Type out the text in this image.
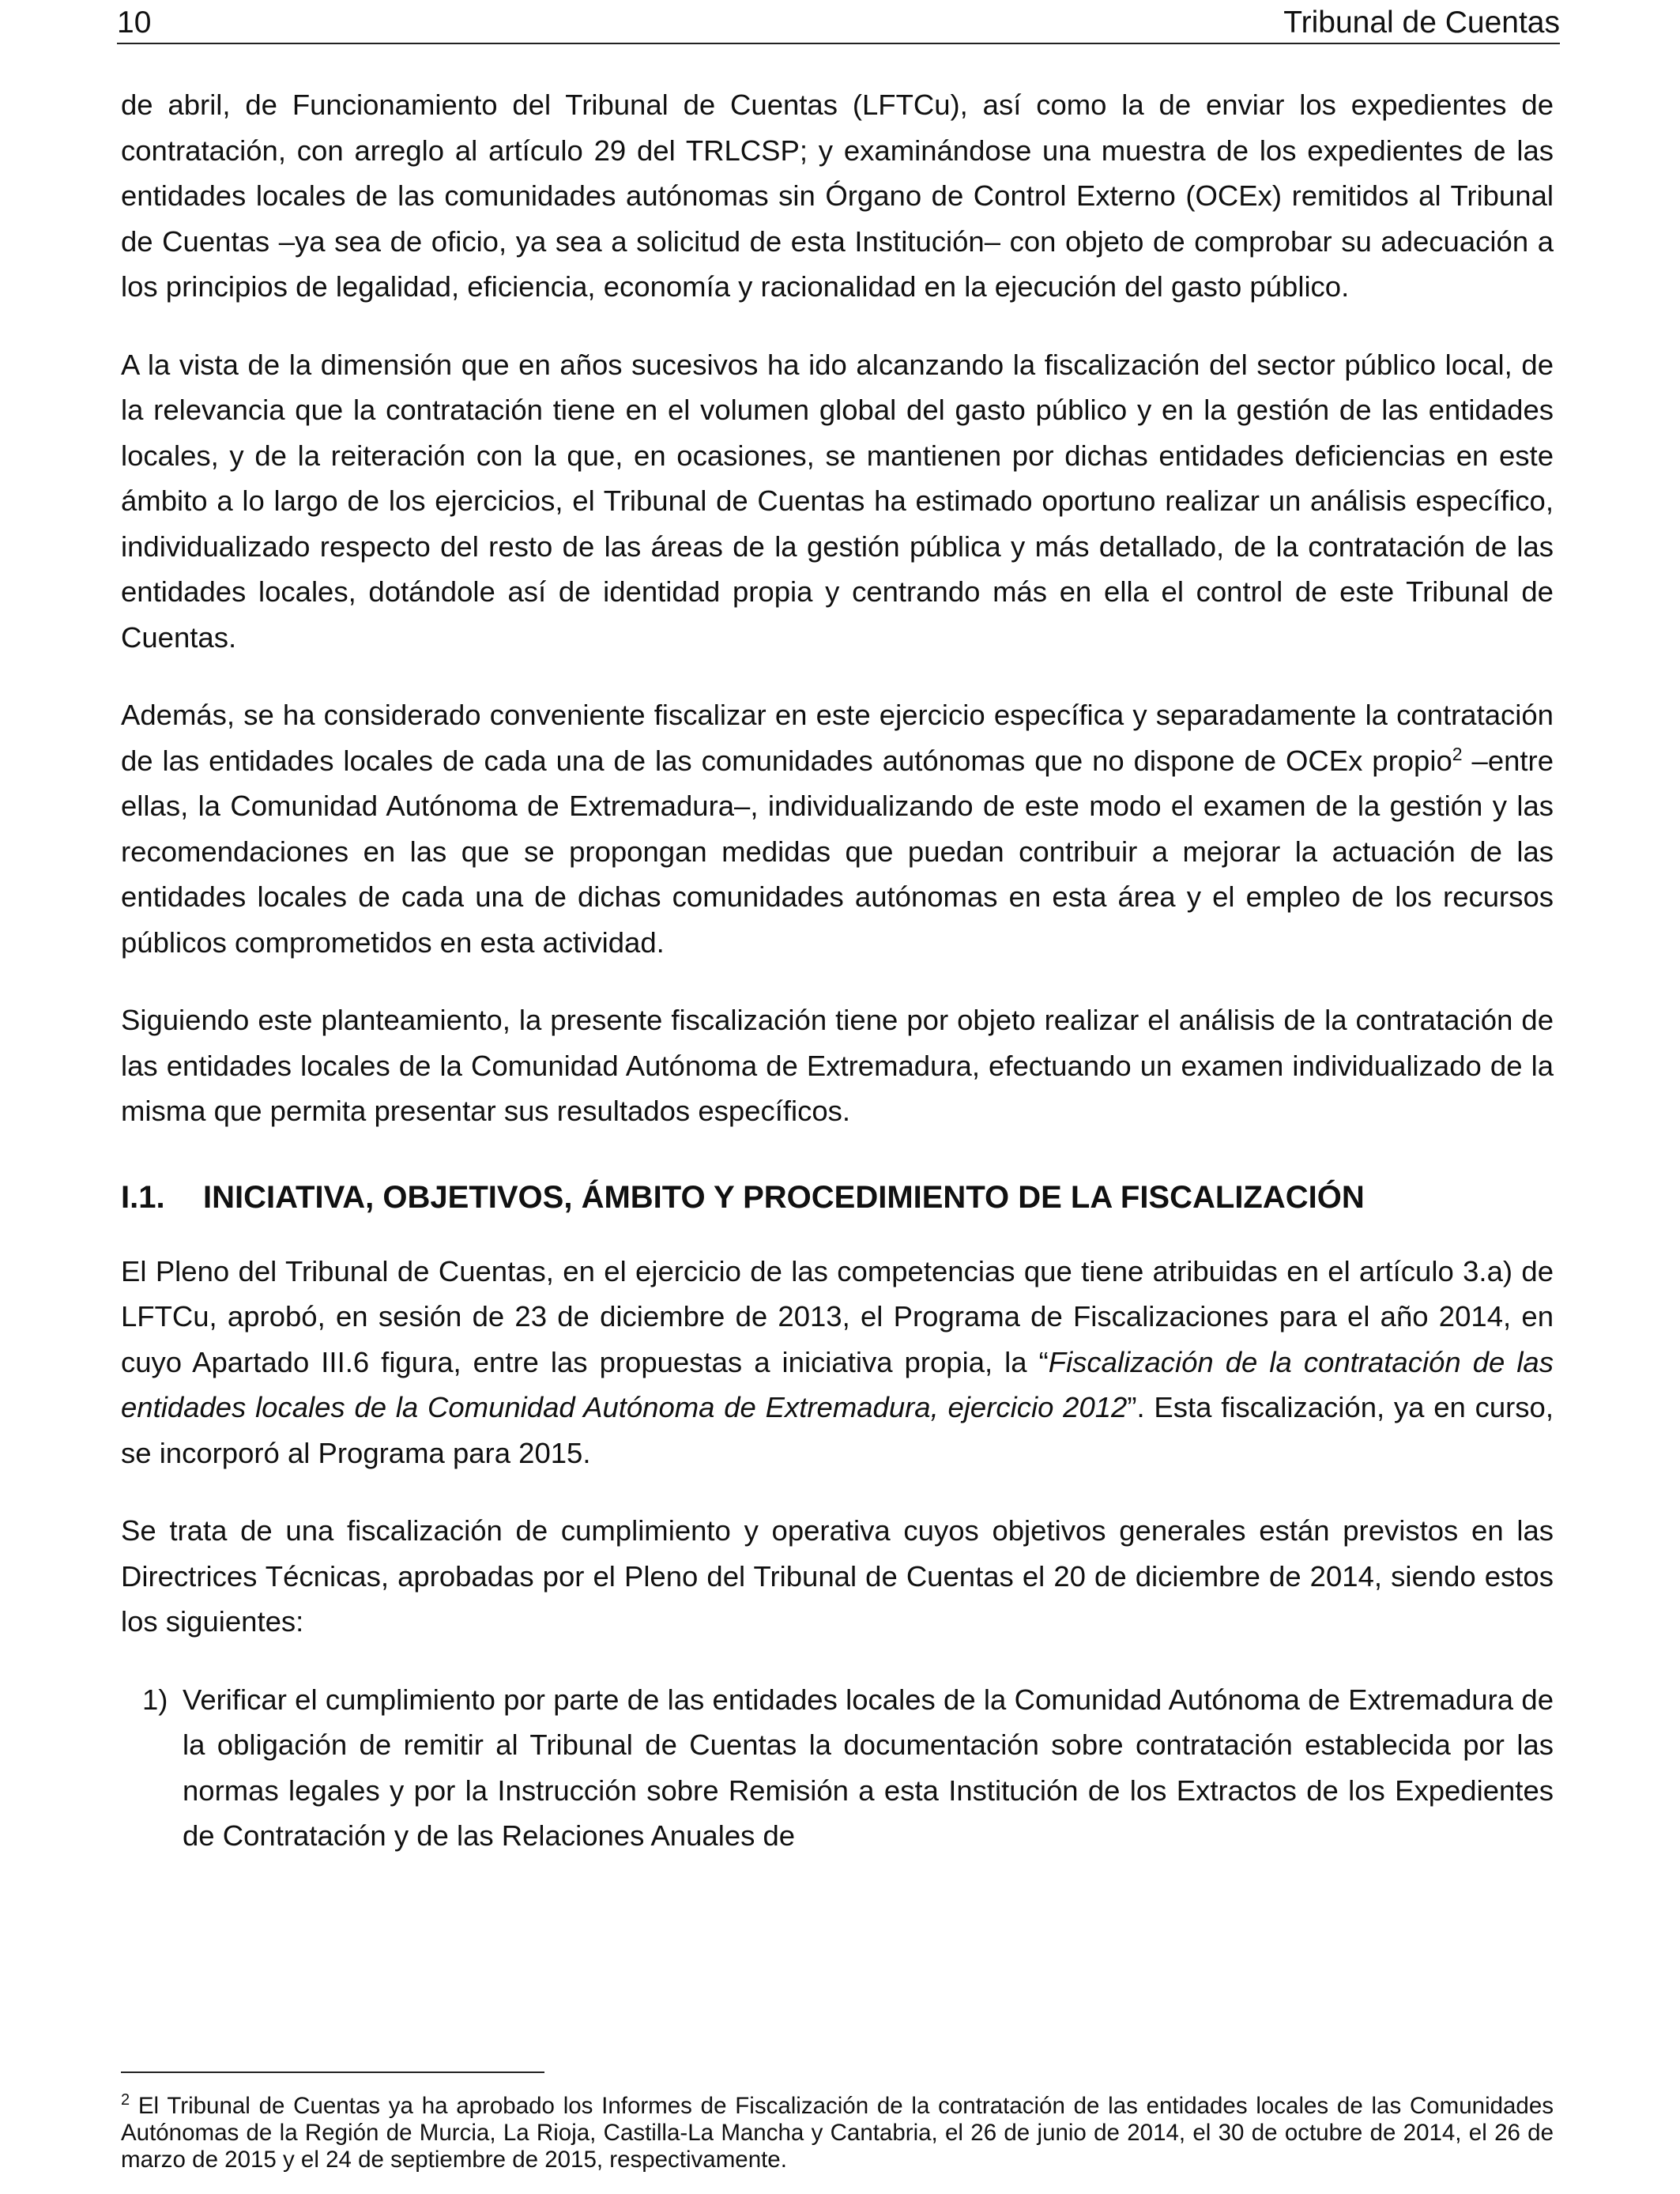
10	Tribunal de Cuentas

de abril, de Funcionamiento del Tribunal de Cuentas (LFTCu), así como la de enviar los expedientes de contratación, con arreglo al artículo 29 del TRLCSP; y examinándose una muestra de los expedientes de las entidades locales de las comunidades autónomas sin Órgano de Control Externo (OCEx) remitidos al Tribunal de Cuentas –ya sea de oficio, ya sea a solicitud de esta Institución– con objeto de comprobar su adecuación a los principios de legalidad, eficiencia, economía y racionalidad en la ejecución del gasto público.

A la vista de la dimensión que en años sucesivos ha ido alcanzando la fiscalización del sector público local, de la relevancia que la contratación tiene en el volumen global del gasto público y en la gestión de las entidades locales, y de la reiteración con la que, en ocasiones, se mantienen por dichas entidades deficiencias en este ámbito a lo largo de los ejercicios, el Tribunal de Cuentas ha estimado oportuno realizar un análisis específico, individualizado respecto del resto de las áreas de la gestión pública y más detallado, de la contratación de las entidades locales, dotándole así de identidad propia y centrando más en ella el control de este Tribunal de Cuentas.

Además, se ha considerado conveniente fiscalizar en este ejercicio específica y separadamente la contratación de las entidades locales de cada una de las comunidades autónomas que no dispone de OCEx propio$^2$ –entre ellas, la Comunidad Autónoma de Extremadura–, individualizando de este modo el examen de la gestión y las recomendaciones en las que se propongan medidas que puedan contribuir a mejorar la actuación de las entidades locales de cada una de dichas comunidades autónomas en esta área y el empleo de los recursos públicos comprometidos en esta actividad.

Siguiendo este planteamiento, la presente fiscalización tiene por objeto realizar el análisis de la contratación de las entidades locales de la Comunidad Autónoma de Extremadura, efectuando un examen individualizado de la misma que permita presentar sus resultados específicos.

I.1. INICIATIVA, OBJETIVOS, ÁMBITO Y PROCEDIMIENTO DE LA FISCALIZACIÓN

El Pleno del Tribunal de Cuentas, en el ejercicio de las competencias que tiene atribuidas en el artículo 3.a) de LFTCu, aprobó, en sesión de 23 de diciembre de 2013, el Programa de Fiscalizaciones para el año 2014, en cuyo Apartado III.6 figura, entre las propuestas a iniciativa propia, la “Fiscalización de la contratación de las entidades locales de la Comunidad Autónoma de Extremadura, ejercicio 2012”. Esta fiscalización, ya en curso, se incorporó al Programa para 2015.

Se trata de una fiscalización de cumplimiento y operativa cuyos objetivos generales están previstos en las Directrices Técnicas, aprobadas por el Pleno del Tribunal de Cuentas el 20 de diciembre de 2014, siendo estos los siguientes:

1) Verificar el cumplimiento por parte de las entidades locales de la Comunidad Autónoma de Extremadura de la obligación de remitir al Tribunal de Cuentas la documentación sobre contratación establecida por las normas legales y por la Instrucción sobre Remisión a esta Institución de los Extractos de los Expedientes de Contratación y de las Relaciones Anuales de
$^2$ El Tribunal de Cuentas ya ha aprobado los Informes de Fiscalización de la contratación de las entidades locales de las Comunidades Autónomas de la Región de Murcia, La Rioja, Castilla-La Mancha y Cantabria, el 26 de junio de 2014, el 30 de octubre de 2014, el 26 de marzo de 2015 y el 24 de septiembre de 2015, respectivamente.
